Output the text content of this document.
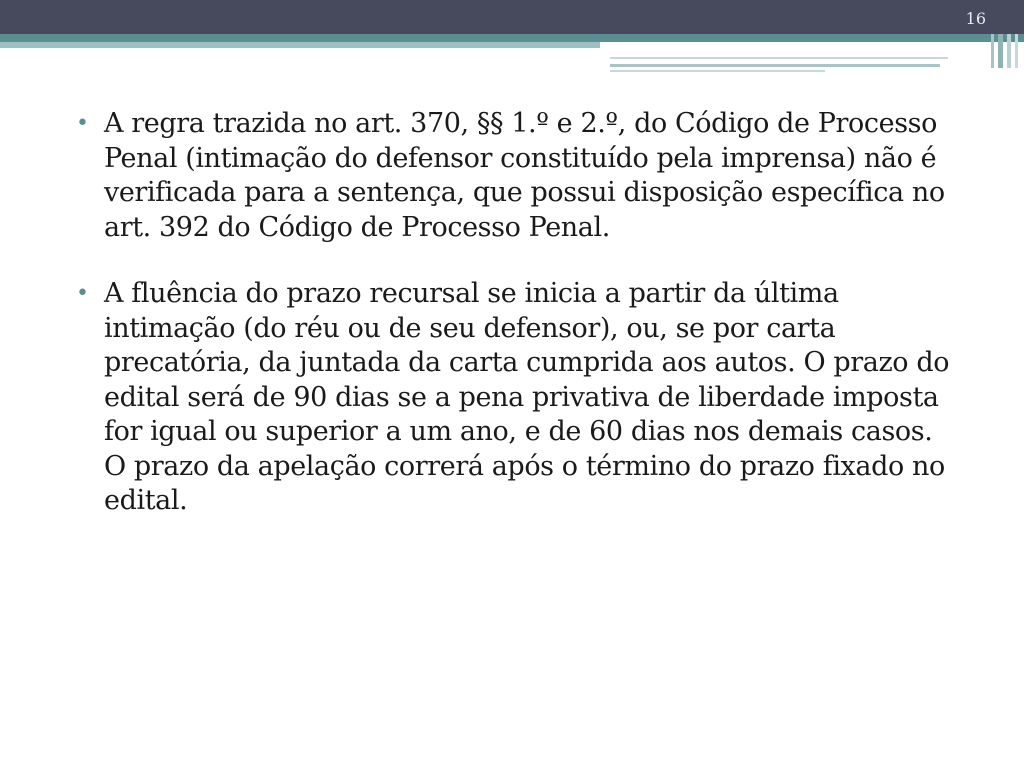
16
• A regra trazida no art. 370, §§ 1.º e 2.º, do Código de Processo Penal (intimação do defensor constituído pela imprensa) não é verificada para a sentença, que possui disposição específica no art. 392 do Código de Processo Penal.
• A fluência do prazo recursal se inicia a partir da última intimação (do réu ou de seu defensor), ou, se por carta precatória, da juntada da carta cumprida aos autos. O prazo do edital será de 90 dias se a pena privativa de liberdade imposta for igual ou superior a um ano, e de 60 dias nos demais casos. O prazo da apelação correrá após o término do prazo fixado no edital.
